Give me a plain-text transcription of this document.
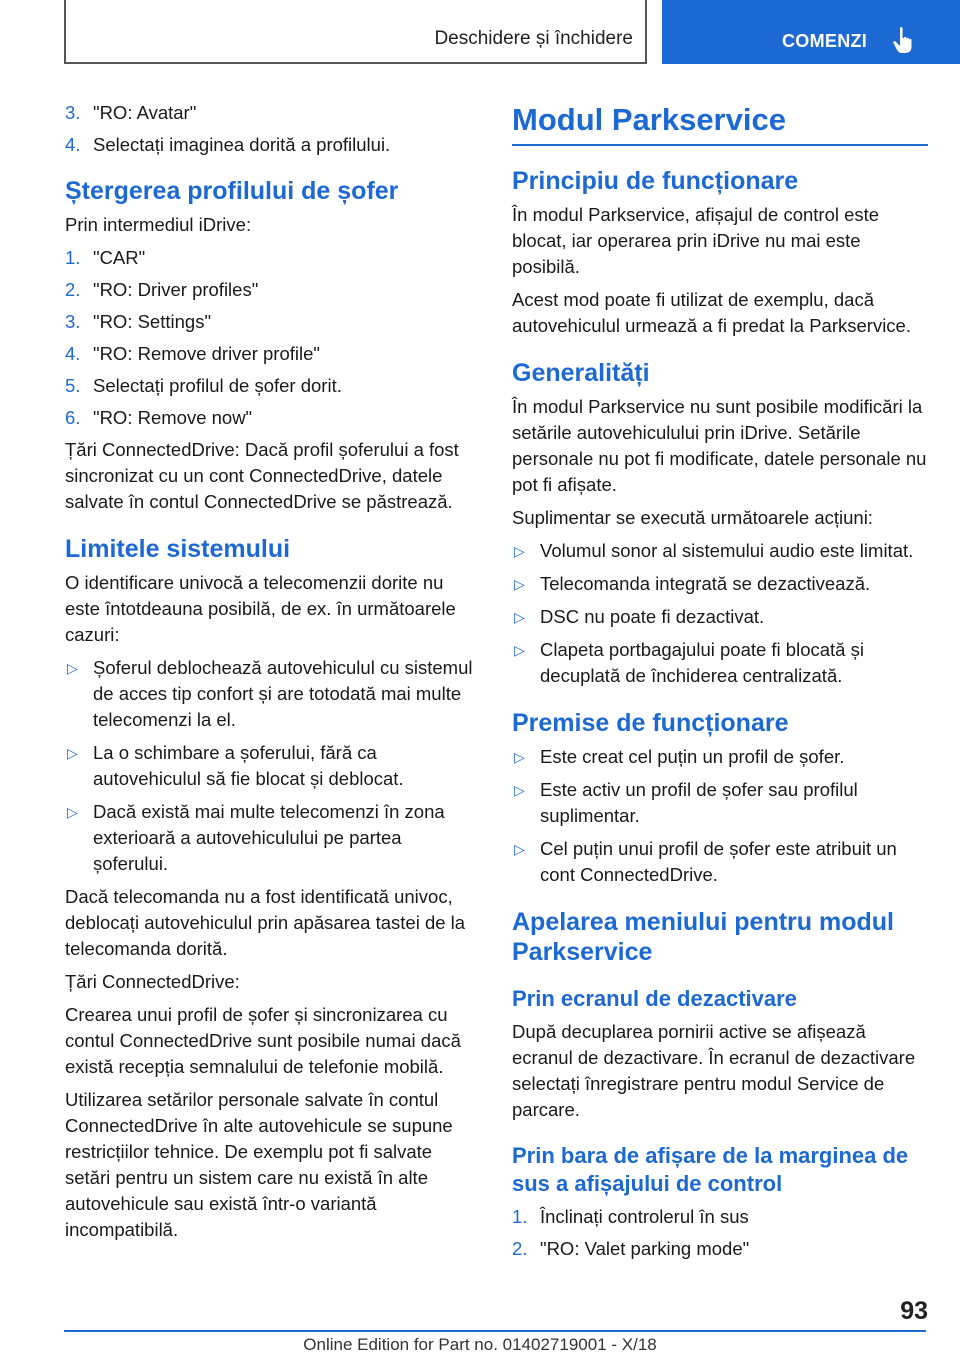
Deschidere și închidere	COMENZI
3. "RO: Avatar"
4. Selectați imaginea dorită a profilului.
Ștergerea profilului de șofer

Prin intermediul iDrive:

1. "CAR"
2. "RO: Driver profiles"
3. "RO: Settings"
4. "RO: Remove driver profile"
5. Selectați profilul de șofer dorit.
6. "RO: Remove now"

Țări ConnectedDrive: Dacă profil șoferului a fost sincronizat cu un cont ConnectedDrive, datele salvate în contul ConnectedDrive se păstrează.

Limitele sistemului

O identificare univocă a telecomenzii dorite nu este întotdeauna posibilă, de ex. în următoarele cazuri:

▷ Șoferul deblochează autovehiculul cu sistemul de acces tip confort și are totodată mai multe telecomenzi la el.
▷ La o schimbare a șoferului, fără ca autovehiculul să fie blocat și deblocat.
▷ Dacă există mai multe telecomenzi în zona exterioară a autovehiculului pe partea șoferului.

Dacă telecomanda nu a fost identificată univoc, deblocați autovehiculul prin apăsarea tastei de la telecomanda dorită.

Țări ConnectedDrive:

Crearea unui profil de șofer și sincronizarea cu contul ConnectedDrive sunt posibile numai dacă există recepția semnalului de telefonie mobilă.

Utilizarea setărilor personale salvate în contul ConnectedDrive în alte autovehicule se supune restricțiilor tehnice. De exemplu pot fi salvate setări pentru un sistem care nu există în alte autovehicule sau există într-o variantă incompatibilă.

Modul Parkservice
Principiu de funcționare

În modul Parkservice, afișajul de control este blocat, iar operarea prin iDrive nu mai este posibilă.

Acest mod poate fi utilizat de exemplu, dacă autovehiculul urmează a fi predat la Parkservice.

Generalități

În modul Parkservice nu sunt posibile modificări la setările autovehiculului prin iDrive. Setările personale nu pot fi modificate, datele personale nu pot fi afișate.

Suplimentar se execută următoarele acțiuni:

▷ Volumul sonor al sistemului audio este limitat.
▷ Telecomanda integrată se dezactivează.
▷ DSC nu poate fi dezactivat.
▷ Clapeta portbagajului poate fi blocată și decuplată de închiderea centralizată.
Premise de funcționare
▷ Este creat cel puțin un profil de șofer.
▷ Este activ un profil de șofer sau profilul suplimentar.
▷ Cel puțin unui profil de șofer este atribuit un cont ConnectedDrive.
Apelarea meniului pentru modul Parkservice
Prin ecranul de dezactivare

După decuplarea pornirii active se afișează ecranul de dezactivare. În ecranul de dezactivare selectați înregistrare pentru modul Service de parcare.

Prin bara de afișare de la marginea de sus a afișajului de control
1. Înclinați controlerul în sus
2. "RO: Valet parking mode"
93
Online Edition for Part no. 01402719001 - X/18
